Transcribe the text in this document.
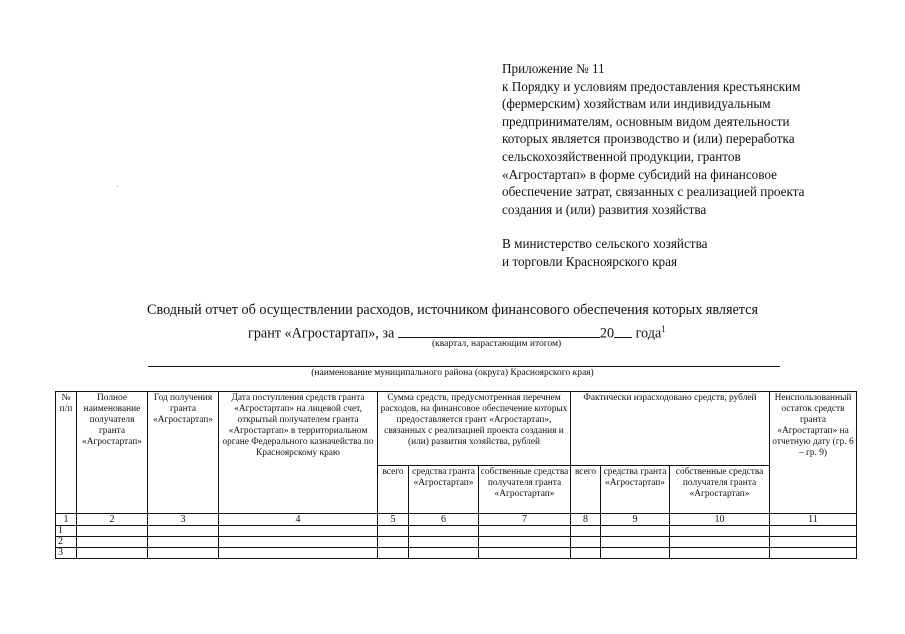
Приложение № 11
к Порядку и условиям предоставления крестьянским
(фермерским) хозяйствам или индивидуальным
предпринимателям, основным видом деятельности
которых является производство и (или) переработка
сельскохозяйственной продукции, грантов
«Агростартап» в форме субсидий на финансовое
обеспечение затрат, связанных с реализацией проекта
создания и (или) развития хозяйства
В министерство сельского хозяйства
и торговли Красноярского края
Сводный отчет об осуществлении расходов, источником финансового обеспечения которых является
грант «Агростартап», за	20 года$^1$
(квартал, нарастающим итогом)
(наименование муниципального района (округа) Красноярского края)
№ п/п	Полное наименование получателя гранта «Агростартап»	Год получения гранта «Агростартап»	Дата поступления средств гранта «Агростартап» на лицевой счет, открытый получателем гранта «Агростартап» в территориальном органе Федерального казначейства по Красноярскому краю	Сумма средств, предусмотренная перечнем расходов, на финансовое обеспечение которых предоставляется грант «Агростартап», связанных с реализацией проекта создания и (или) развития хозяйства, рублей			Фактически израсходовано средств, рублей			Неиспользованный остаток средств гранта «Агростартап» на отчетную дату (гр. 6 – гр. 9)
				всего	средства гранта «Агростартап»	собственные средства получателя гранта «Агростартап»	всего	средства гранта «Агростартап»	собственные средства получателя гранта «Агростартап»	
1	2	3	4	5	6	7	8	9	10	11
1										
2										
3										
